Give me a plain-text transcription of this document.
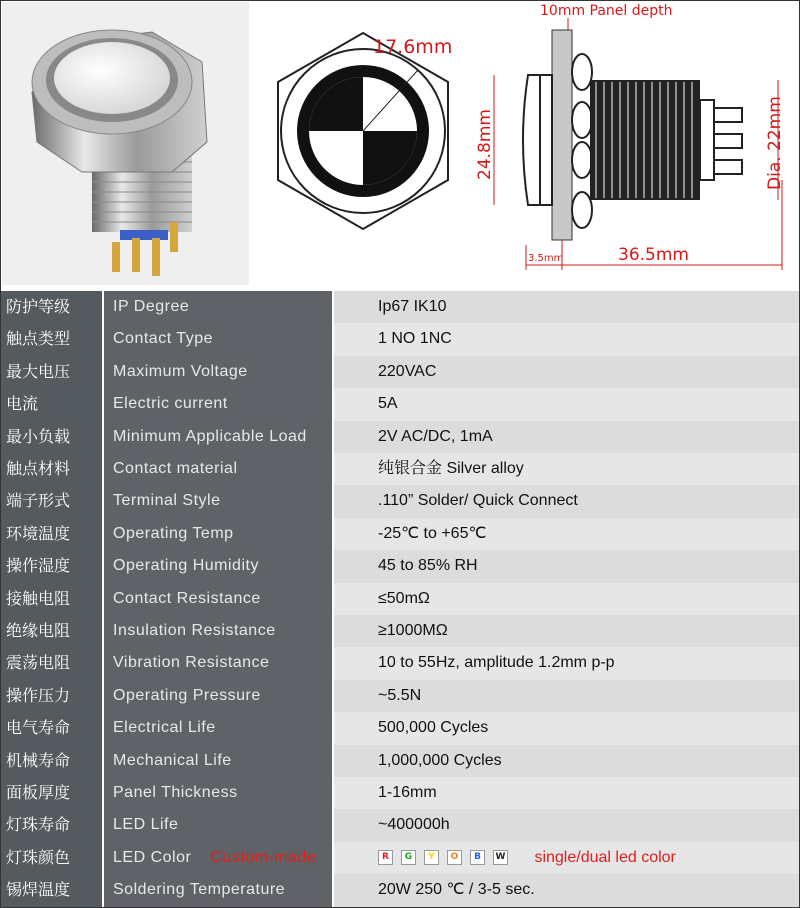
17.6mm
10mm Panel depth
24.8mm	Dia. 22mm
3.5mm	36.5mm
防护等级	IP Degree	Ip67 IK10
触点类型	Contact Type	1 NO 1NC
最大电压	Maximum Voltage	220VAC
电流	Electric current	5A
最小负载	Minimum Applicable Load	2V AC/DC, 1mA
触点材料	Contact material	纯银合金 Silver alloy
端子形式	Terminal Style	.110” Solder/ Quick Connect
环境温度	Operating Temp	-25℃ to +65℃
操作湿度	Operating Humidity	45 to 85% RH
接触电阻	Contact Resistance	≤50mΩ
绝缘电阻	Insulation Resistance	≥1000MΩ
震荡电阻	Vibration Resistance	10 to 55Hz, amplitude 1.2mm p-p
操作压力	Operating Pressure	~5.5N
电气寿命	Electrical Life	500,000 Cycles
机械寿命	Mechanical Life	1,000,000 Cycles
面板厚度	Panel Thickness	1-16mm
灯珠寿命	LED Life	~400000h
灯珠颜色	LED Color Custom-made	R G Y O B W single/dual led color
锡焊温度	Soldering Temperature	20W 250 ℃ / 3-5 sec.
